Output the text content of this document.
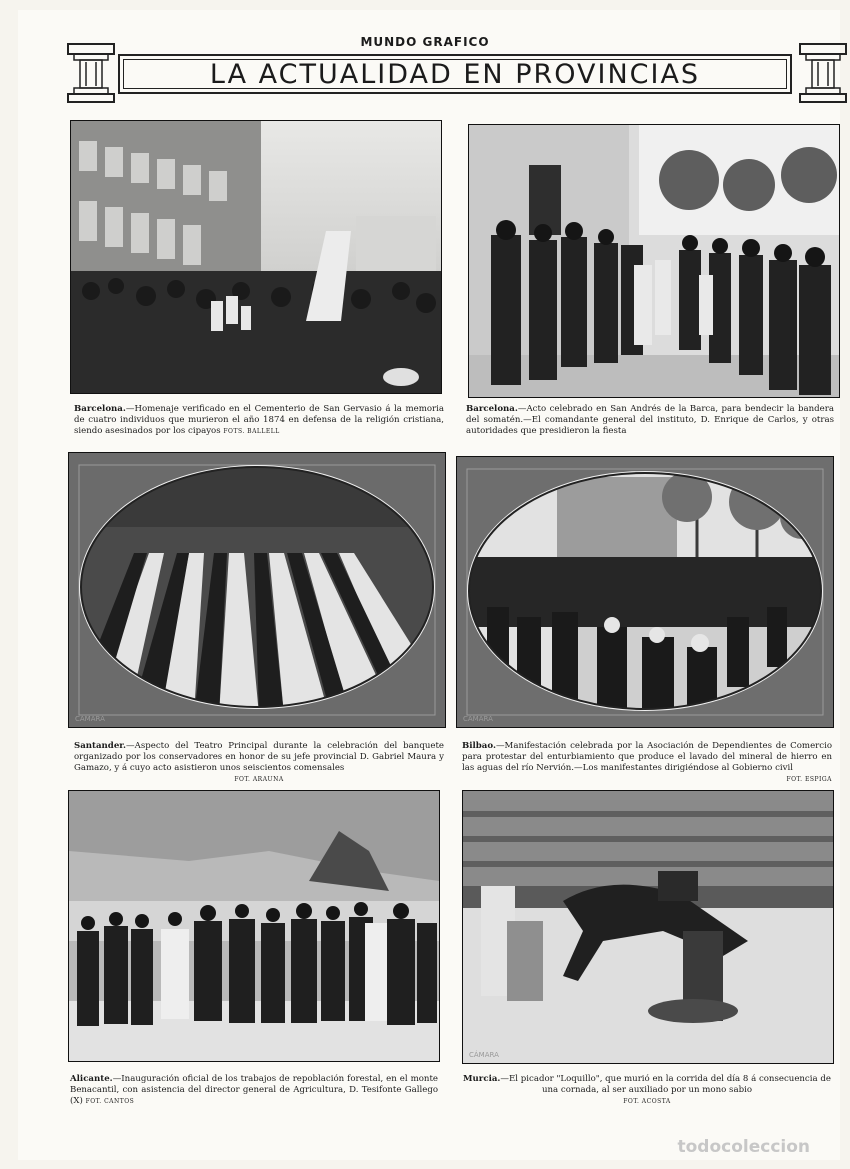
MUNDO GRAFICO
LA ACTUALIDAD EN PROVINCIAS
Barcelona.—Homenaje verificado en el Cementerio de San Gervasio á la memoria de cuatro individuos que murieron el año 1874 en defensa de la religión cristiana, siendo asesinados por los cipayos FOTS. BALLELL
Barcelona.—Acto celebrado en San Andrés de la Barca, para bendecir la bandera del somatén.—El comandante general del instituto, D. Enrique de Carlos, y otras autoridades que presidieron la fiesta
CÁMARA
Santander.—Aspecto del Teatro Principal durante la celebración del banquete organizado por los conservadores en honor de su jefe provincial D. Gabriel Maura y Gamazo, y á cuyo acto asistieron unos seiscientos comensales
FOT. ARAUNA
CÁMARA
Bilbao.—Manifestación celebrada por la Asociación de Dependientes de Comercio para protestar del enturbiamiento que produce el lavado del mineral de hierro en las aguas del río Nervión.—Los manifestantes dirigiéndose al Gobierno civil
FOT. ESPIGA
Alicante.—Inauguración oficial de los trabajos de repoblación forestal, en el monte Benacantil, con asistencia del director general de Agricultura, D. Tesifonte Gallego (X) FOT. CANTOS
CÁMARA
Murcia.—El picador "Loquillo", que murió en la corrida del día 8 á consecuencia de una cornada, al ser auxiliado por un mono sabio
FOT. ACOSTA
todocoleccion
